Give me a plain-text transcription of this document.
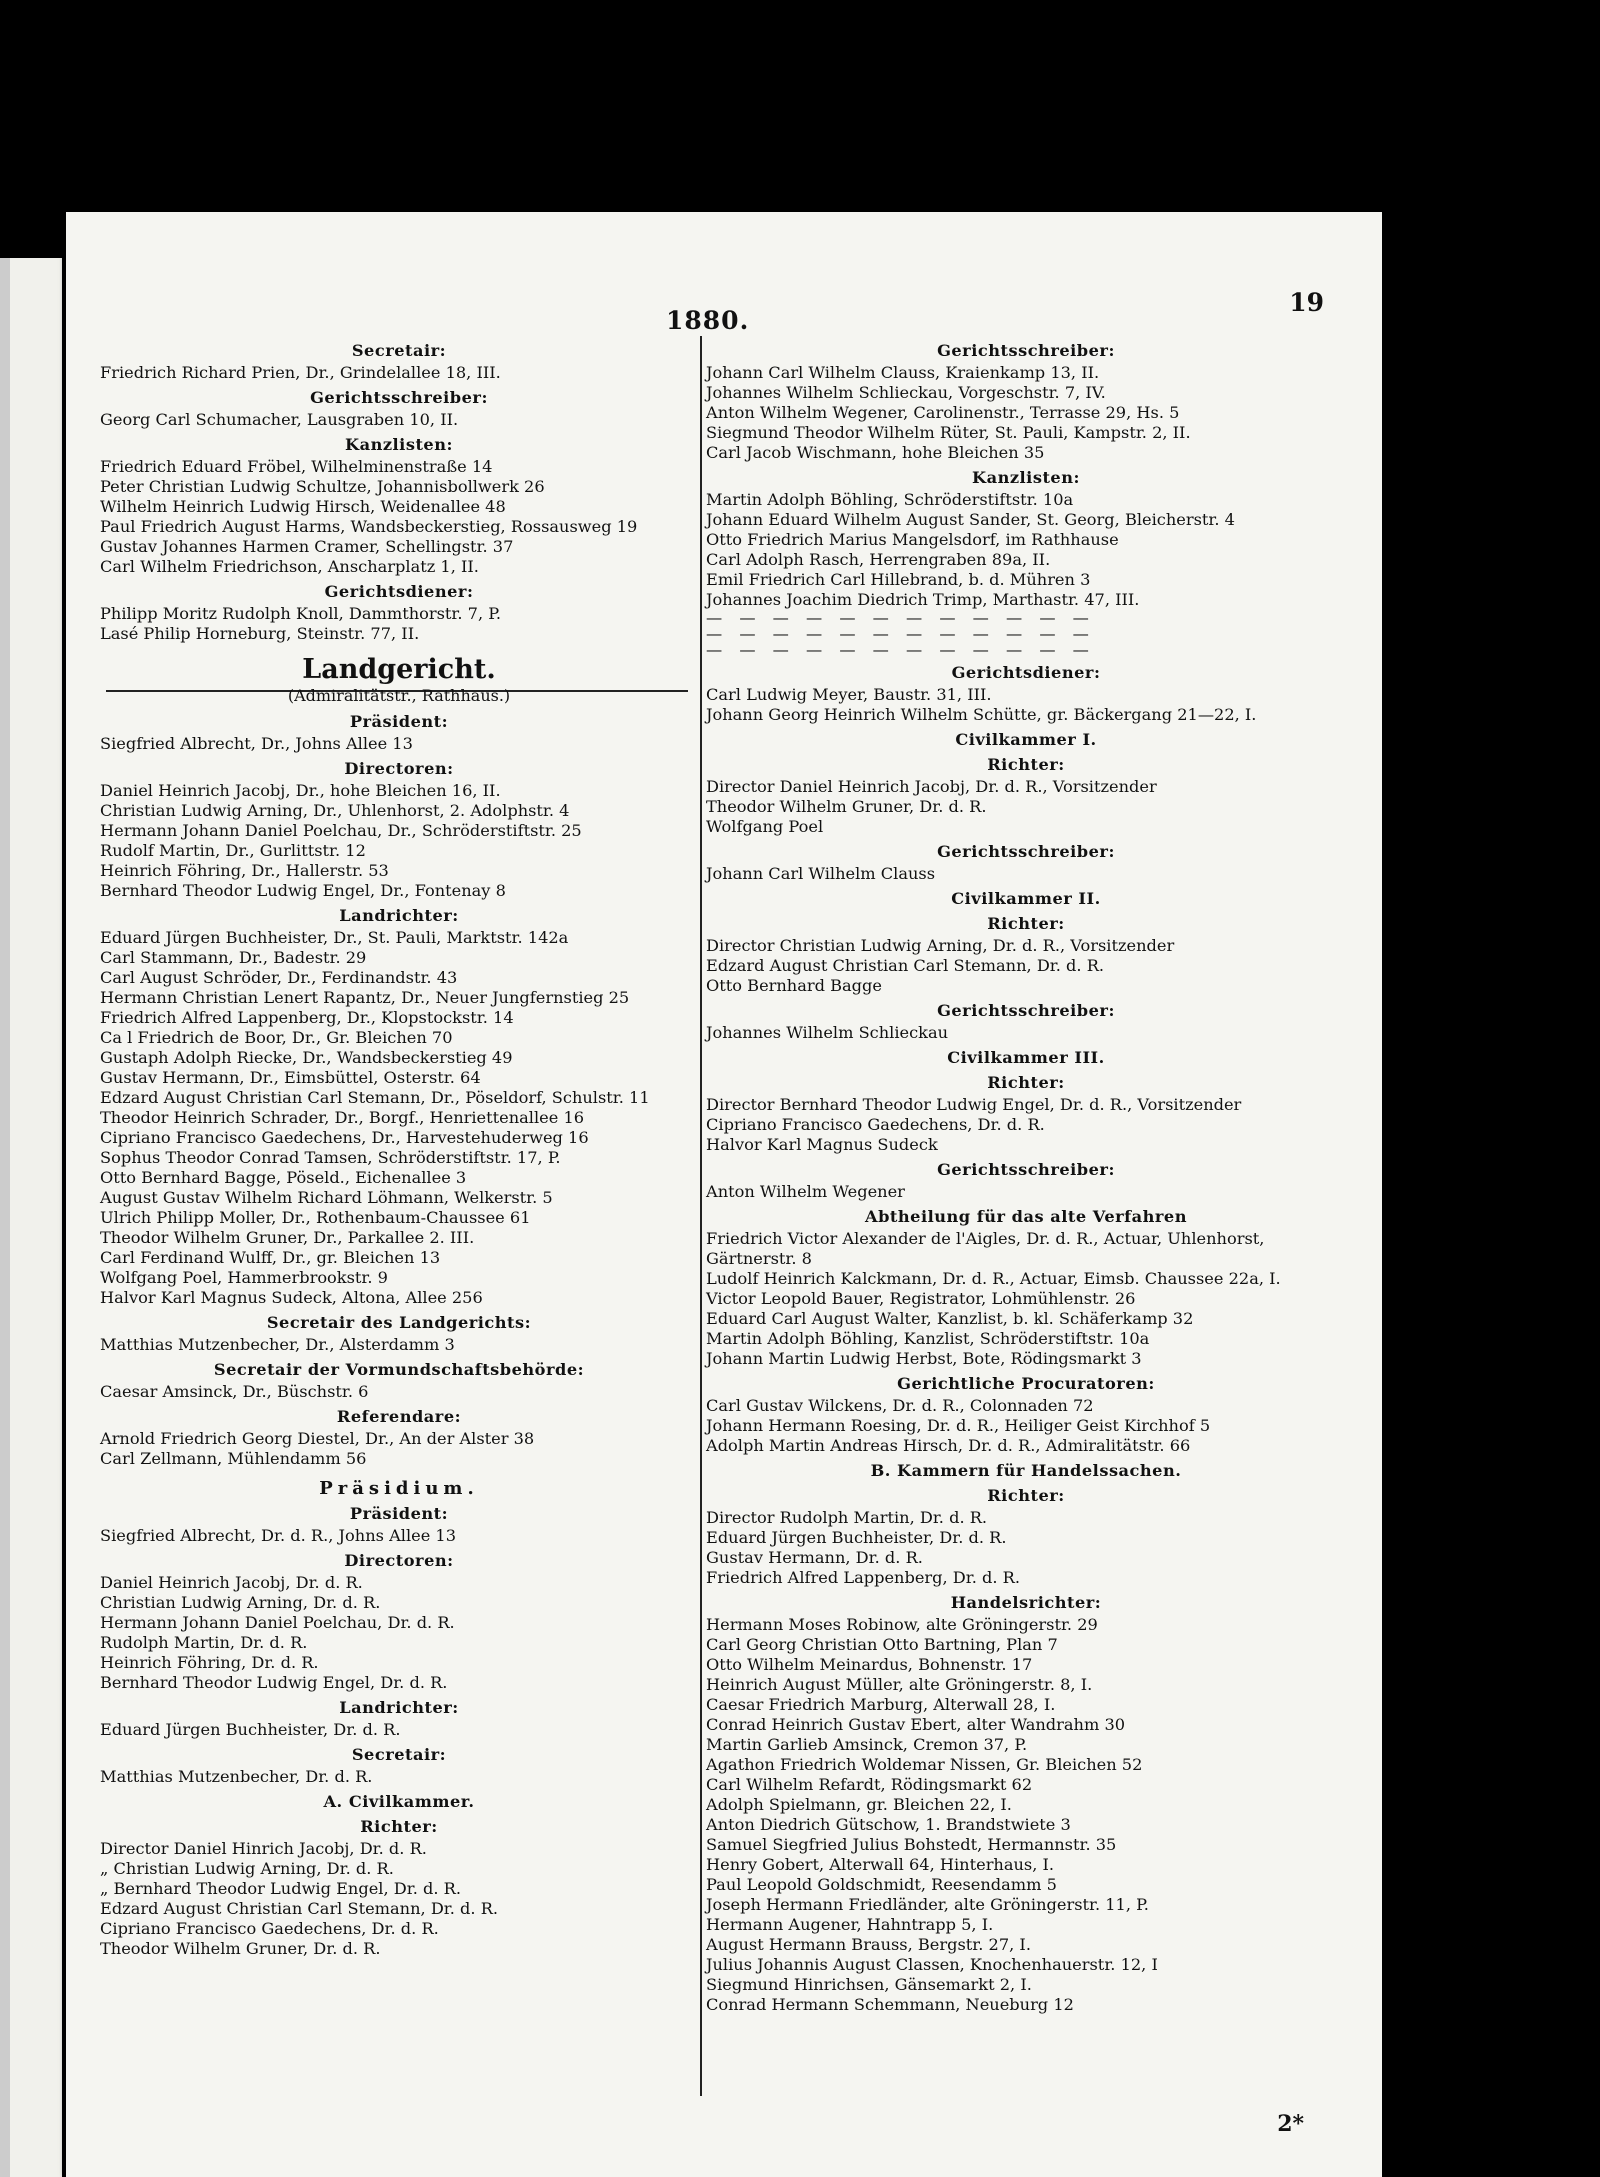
1880.
19
Secretair:
Friedrich Richard Prien, Dr., Grindelallee 18, III.
Gerichtsschreiber:
Georg Carl Schumacher, Lausgraben 10, II.
Kanzlisten:
Friedrich Eduard Fröbel, Wilhelminenstraße 14
Peter Christian Ludwig Schultze, Johannisbollwerk 26
Wilhelm Heinrich Ludwig Hirsch, Weidenallee 48
Paul Friedrich August Harms, Wandsbeckerstieg, Rossausweg 19
Gustav Johannes Harmen Cramer, Schellingstr. 37
Carl Wilhelm Friedrichson, Anscharplatz 1, II.
Gerichtsdiener:
Philipp Moritz Rudolph Knoll, Dammthorstr. 7, P.
Lasé Philip Horneburg, Steinstr. 77, II.
Landgericht.
(Admiralitätstr., Rathhaus.)
Präsident:
Siegfried Albrecht, Dr., Johns Allee 13
Directoren:
Daniel Heinrich Jacobj, Dr., hohe Bleichen 16, II.
Christian Ludwig Arning, Dr., Uhlenhorst, 2. Adolphstr. 4
Hermann Johann Daniel Poelchau, Dr., Schröderstiftstr. 25
Rudolf Martin, Dr., Gurlittstr. 12
Heinrich Föhring, Dr., Hallerstr. 53
Bernhard Theodor Ludwig Engel, Dr., Fontenay 8
Landrichter:
Eduard Jürgen Buchheister, Dr., St. Pauli, Marktstr. 142a
Carl Stammann, Dr., Badestr. 29
Carl August Schröder, Dr., Ferdinandstr. 43
Hermann Christian Lenert Rapantz, Dr., Neuer Jungfernstieg 25
Friedrich Alfred Lappenberg, Dr., Klopstockstr. 14
Ca l Friedrich de Boor, Dr., Gr. Bleichen 70
Gustaph Adolph Riecke, Dr., Wandsbeckerstieg 49
Gustav Hermann, Dr., Eimsbüttel, Osterstr. 64
Edzard August Christian Carl Stemann, Dr., Pöseldorf, Schulstr. 11
Theodor Heinrich Schrader, Dr., Borgf., Henriettenallee 16
Cipriano Francisco Gaedechens, Dr., Harvestehuderweg 16
Sophus Theodor Conrad Tamsen, Schröderstiftstr. 17, P.
Otto Bernhard Bagge, Pöseld., Eichenallee 3
August Gustav Wilhelm Richard Löhmann, Welkerstr. 5
Ulrich Philipp Moller, Dr., Rothenbaum-Chaussee 61
Theodor Wilhelm Gruner, Dr., Parkallee 2. III.
Carl Ferdinand Wulff, Dr., gr. Bleichen 13
Wolfgang Poel, Hammerbrookstr. 9
Halvor Karl Magnus Sudeck, Altona, Allee 256
Secretair des Landgerichts:
Matthias Mutzenbecher, Dr., Alsterdamm 3
Secretair der Vormundschaftsbehörde:
Caesar Amsinck, Dr., Büschstr. 6
Referendare:
Arnold Friedrich Georg Diestel, Dr., An der Alster 38
Carl Zellmann, Mühlendamm 56
Präsidium.
Präsident:
Siegfried Albrecht, Dr. d. R., Johns Allee 13
Directoren:
Daniel Heinrich Jacobj, Dr. d. R.
Christian Ludwig Arning, Dr. d. R.
Hermann Johann Daniel Poelchau, Dr. d. R.
Rudolph Martin, Dr. d. R.
Heinrich Föhring, Dr. d. R.
Bernhard Theodor Ludwig Engel, Dr. d. R.
Landrichter:
Eduard Jürgen Buchheister, Dr. d. R.
Secretair:
Matthias Mutzenbecher, Dr. d. R.
A. Civilkammer.
Richter:
Director Daniel Hinrich Jacobj, Dr. d. R.
„ Christian Ludwig Arning, Dr. d. R.
„ Bernhard Theodor Ludwig Engel, Dr. d. R.
Edzard August Christian Carl Stemann, Dr. d. R.
Cipriano Francisco Gaedechens, Dr. d. R.
Theodor Wilhelm Gruner, Dr. d. R.
Gerichtsschreiber:
Johann Carl Wilhelm Clauss, Kraienkamp 13, II.
Johannes Wilhelm Schlieckau, Vorgeschstr. 7, IV.
Anton Wilhelm Wegener, Carolinenstr., Terrasse 29, Hs. 5
Siegmund Theodor Wilhelm Rüter, St. Pauli, Kampstr. 2, II.
Carl Jacob Wischmann, hohe Bleichen 35
Kanzlisten:
Martin Adolph Böhling, Schröderstiftstr. 10a
Johann Eduard Wilhelm August Sander, St. Georg, Bleicherstr. 4
Otto Friedrich Marius Mangelsdorf, im Rathhause
Carl Adolph Rasch, Herrengraben 89a, II.
Emil Friedrich Carl Hillebrand, b. d. Mühren 3
Johannes Joachim Diedrich Trimp, Marthastr. 47, III.
— — — — — — — — — — — —
— — — — — — — — — — — —
— — — — — — — — — — — —
Gerichtsdiener:
Carl Ludwig Meyer, Baustr. 31, III.
Johann Georg Heinrich Wilhelm Schütte, gr. Bäckergang 21—22, I.
Civilkammer I.
Richter:
Director Daniel Heinrich Jacobj, Dr. d. R., Vorsitzender
Theodor Wilhelm Gruner, Dr. d. R.
Wolfgang Poel
Gerichtsschreiber:
Johann Carl Wilhelm Clauss
Civilkammer II.
Richter:
Director Christian Ludwig Arning, Dr. d. R., Vorsitzender
Edzard August Christian Carl Stemann, Dr. d. R.
Otto Bernhard Bagge
Gerichtsschreiber:
Johannes Wilhelm Schlieckau
Civilkammer III.
Richter:
Director Bernhard Theodor Ludwig Engel, Dr. d. R., Vorsitzender
Cipriano Francisco Gaedechens, Dr. d. R.
Halvor Karl Magnus Sudeck
Gerichtsschreiber:
Anton Wilhelm Wegener
Abtheilung für das alte Verfahren
Friedrich Victor Alexander de l'Aigles, Dr. d. R., Actuar, Uhlenhorst,
Gärtnerstr. 8
Ludolf Heinrich Kalckmann, Dr. d. R., Actuar, Eimsb. Chaussee 22a, I.
Victor Leopold Bauer, Registrator, Lohmühlenstr. 26
Eduard Carl August Walter, Kanzlist, b. kl. Schäferkamp 32
Martin Adolph Böhling, Kanzlist, Schröderstiftstr. 10a
Johann Martin Ludwig Herbst, Bote, Rödingsmarkt 3
Gerichtliche Procuratoren:
Carl Gustav Wilckens, Dr. d. R., Colonnaden 72
Johann Hermann Roesing, Dr. d. R., Heiliger Geist Kirchhof 5
Adolph Martin Andreas Hirsch, Dr. d. R., Admiralitätstr. 66
B. Kammern für Handelssachen.
Richter:
Director Rudolph Martin, Dr. d. R.
Eduard Jürgen Buchheister, Dr. d. R.
Gustav Hermann, Dr. d. R.
Friedrich Alfred Lappenberg, Dr. d. R.
Handelsrichter:
Hermann Moses Robinow, alte Gröningerstr. 29
Carl Georg Christian Otto Bartning, Plan 7
Otto Wilhelm Meinardus, Bohnenstr. 17
Heinrich August Müller, alte Gröningerstr. 8, I.
Caesar Friedrich Marburg, Alterwall 28, I.
Conrad Heinrich Gustav Ebert, alter Wandrahm 30
Martin Garlieb Amsinck, Cremon 37, P.
Agathon Friedrich Woldemar Nissen, Gr. Bleichen 52
Carl Wilhelm Refardt, Rödingsmarkt 62
Adolph Spielmann, gr. Bleichen 22, I.
Anton Diedrich Gütschow, 1. Brandstwiete 3
Samuel Siegfried Julius Bohstedt, Hermannstr. 35
Henry Gobert, Alterwall 64, Hinterhaus, I.
Paul Leopold Goldschmidt, Reesendamm 5
Joseph Hermann Friedländer, alte Gröningerstr. 11, P.
Hermann Augener, Hahntrapp 5, I.
August Hermann Brauss, Bergstr. 27, I.
Julius Johannis August Classen, Knochenhauerstr. 12, I
Siegmund Hinrichsen, Gänsemarkt 2, I.
Conrad Hermann Schemmann, Neueburg 12
2*
